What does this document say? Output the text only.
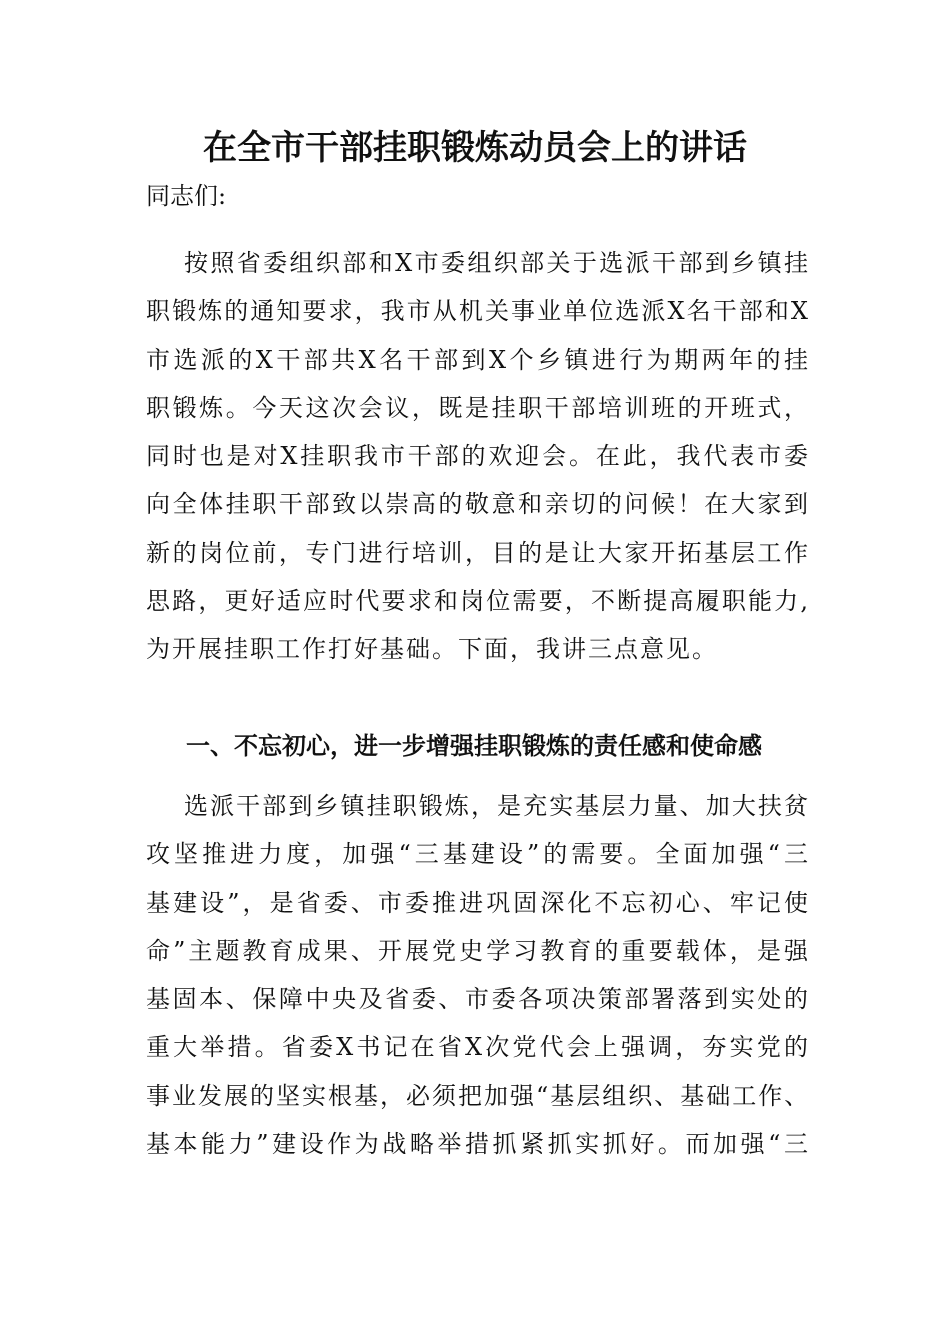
在全市干部挂职锻炼动员会上的讲话

同志们:

按照省委组织部和X市委组织部关于选派干部到乡镇挂
职锻炼的通知要求，我市从机关事业单位选派X名干部和X
市选派的X干部共X名干部到X个乡镇进行为期两年的挂
职锻炼。今天这次会议，既是挂职干部培训班的开班式，
同时也是对X挂职我市干部的欢迎会。在此，我代表市委
向全体挂职干部致以崇高的敬意和亲切的问候！在大家到
新的岗位前，专门进行培训，目的是让大家开拓基层工作
思路，更好适应时代要求和岗位需要，不断提高履职能力,
为开展挂职工作打好基础。下面，我讲三点意见。
一、不忘初心，进一步增强挂职锻炼的责任感和使命感
选派干部到乡镇挂职锻炼，是充实基层力量、加大扶贫
攻坚推进力度，加强“三基建设”的需要。全面加强“三
基建设”，是省委、市委推进巩固深化不忘初心、牢记使
命”主题教育成果、开展党史学习教育的重要载体，是强
基固本、保障中央及省委、市委各项决策部署落到实处的
重大举措。省委X书记在省X次党代会上强调，夯实党的
事业发展的坚实根基，必须把加强“基层组织、基础工作、
基本能力”建设作为战略举措抓紧抓实抓好。而加强“三
